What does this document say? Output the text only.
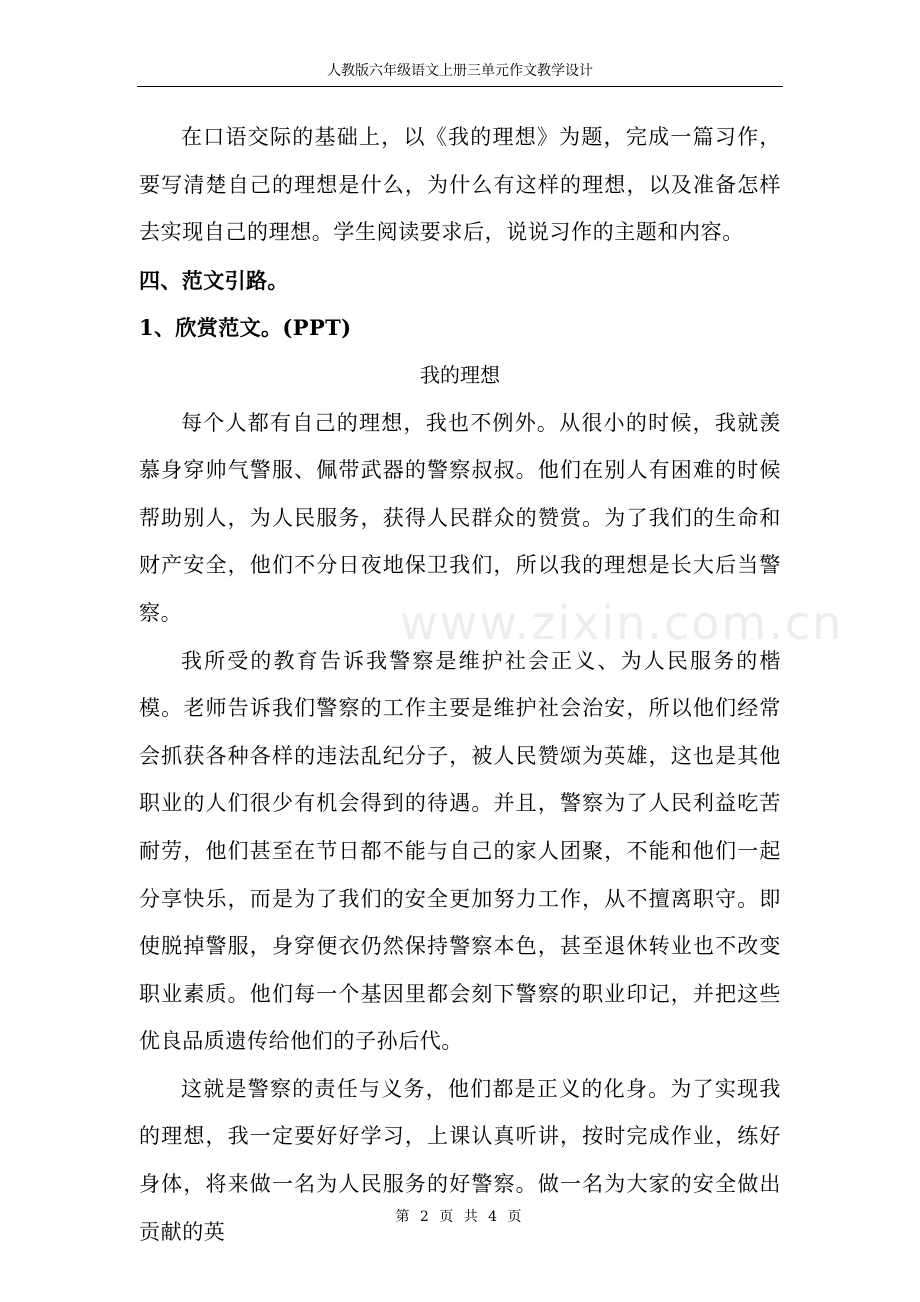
人教版六年级语文上册三单元作文教学设计

在口语交际的基础上，以《我的理想》为题，完成一篇习作，要写清楚自己的理想是什么，为什么有这样的理想，以及准备怎样去实现自己的理想。学生阅读要求后，说说习作的主题和内容。

四、范文引路。

1、欣赏范文。(PPT)

我的理想

每个人都有自己的理想，我也不例外。从很小的时候，我就羡慕身穿帅气警服、佩带武器的警察叔叔。他们在别人有困难的时候帮助别人，为人民服务，获得人民群众的赞赏。为了我们的生命和财产安全，他们不分日夜地保卫我们，所以我的理想是长大后当警察。

我所受的教育告诉我警察是维护社会正义、为人民服务的楷模。老师告诉我们警察的工作主要是维护社会治安，所以他们经常会抓获各种各样的违法乱纪分子，被人民赞颂为英雄，这也是其他职业的人们很少有机会得到的待遇。并且，警察为了人民利益吃苦耐劳，他们甚至在节日都不能与自己的家人团聚，不能和他们一起分享快乐，而是为了我们的安全更加努力工作，从不擅离职守。即使脱掉警服，身穿便衣仍然保持警察本色，甚至退休转业也不改变职业素质。他们每一个基因里都会刻下警察的职业印记，并把这些优良品质遗传给他们的子孙后代。

这就是警察的责任与义务，他们都是正义的化身。为了实现我的理想，我一定要好好学习，上课认真听讲，按时完成作业，练好身体，将来做一名为人民服务的好警察。做一名为大家的安全做出贡献的英

www.zixin.com.cn
第 2 页 共 4 页
